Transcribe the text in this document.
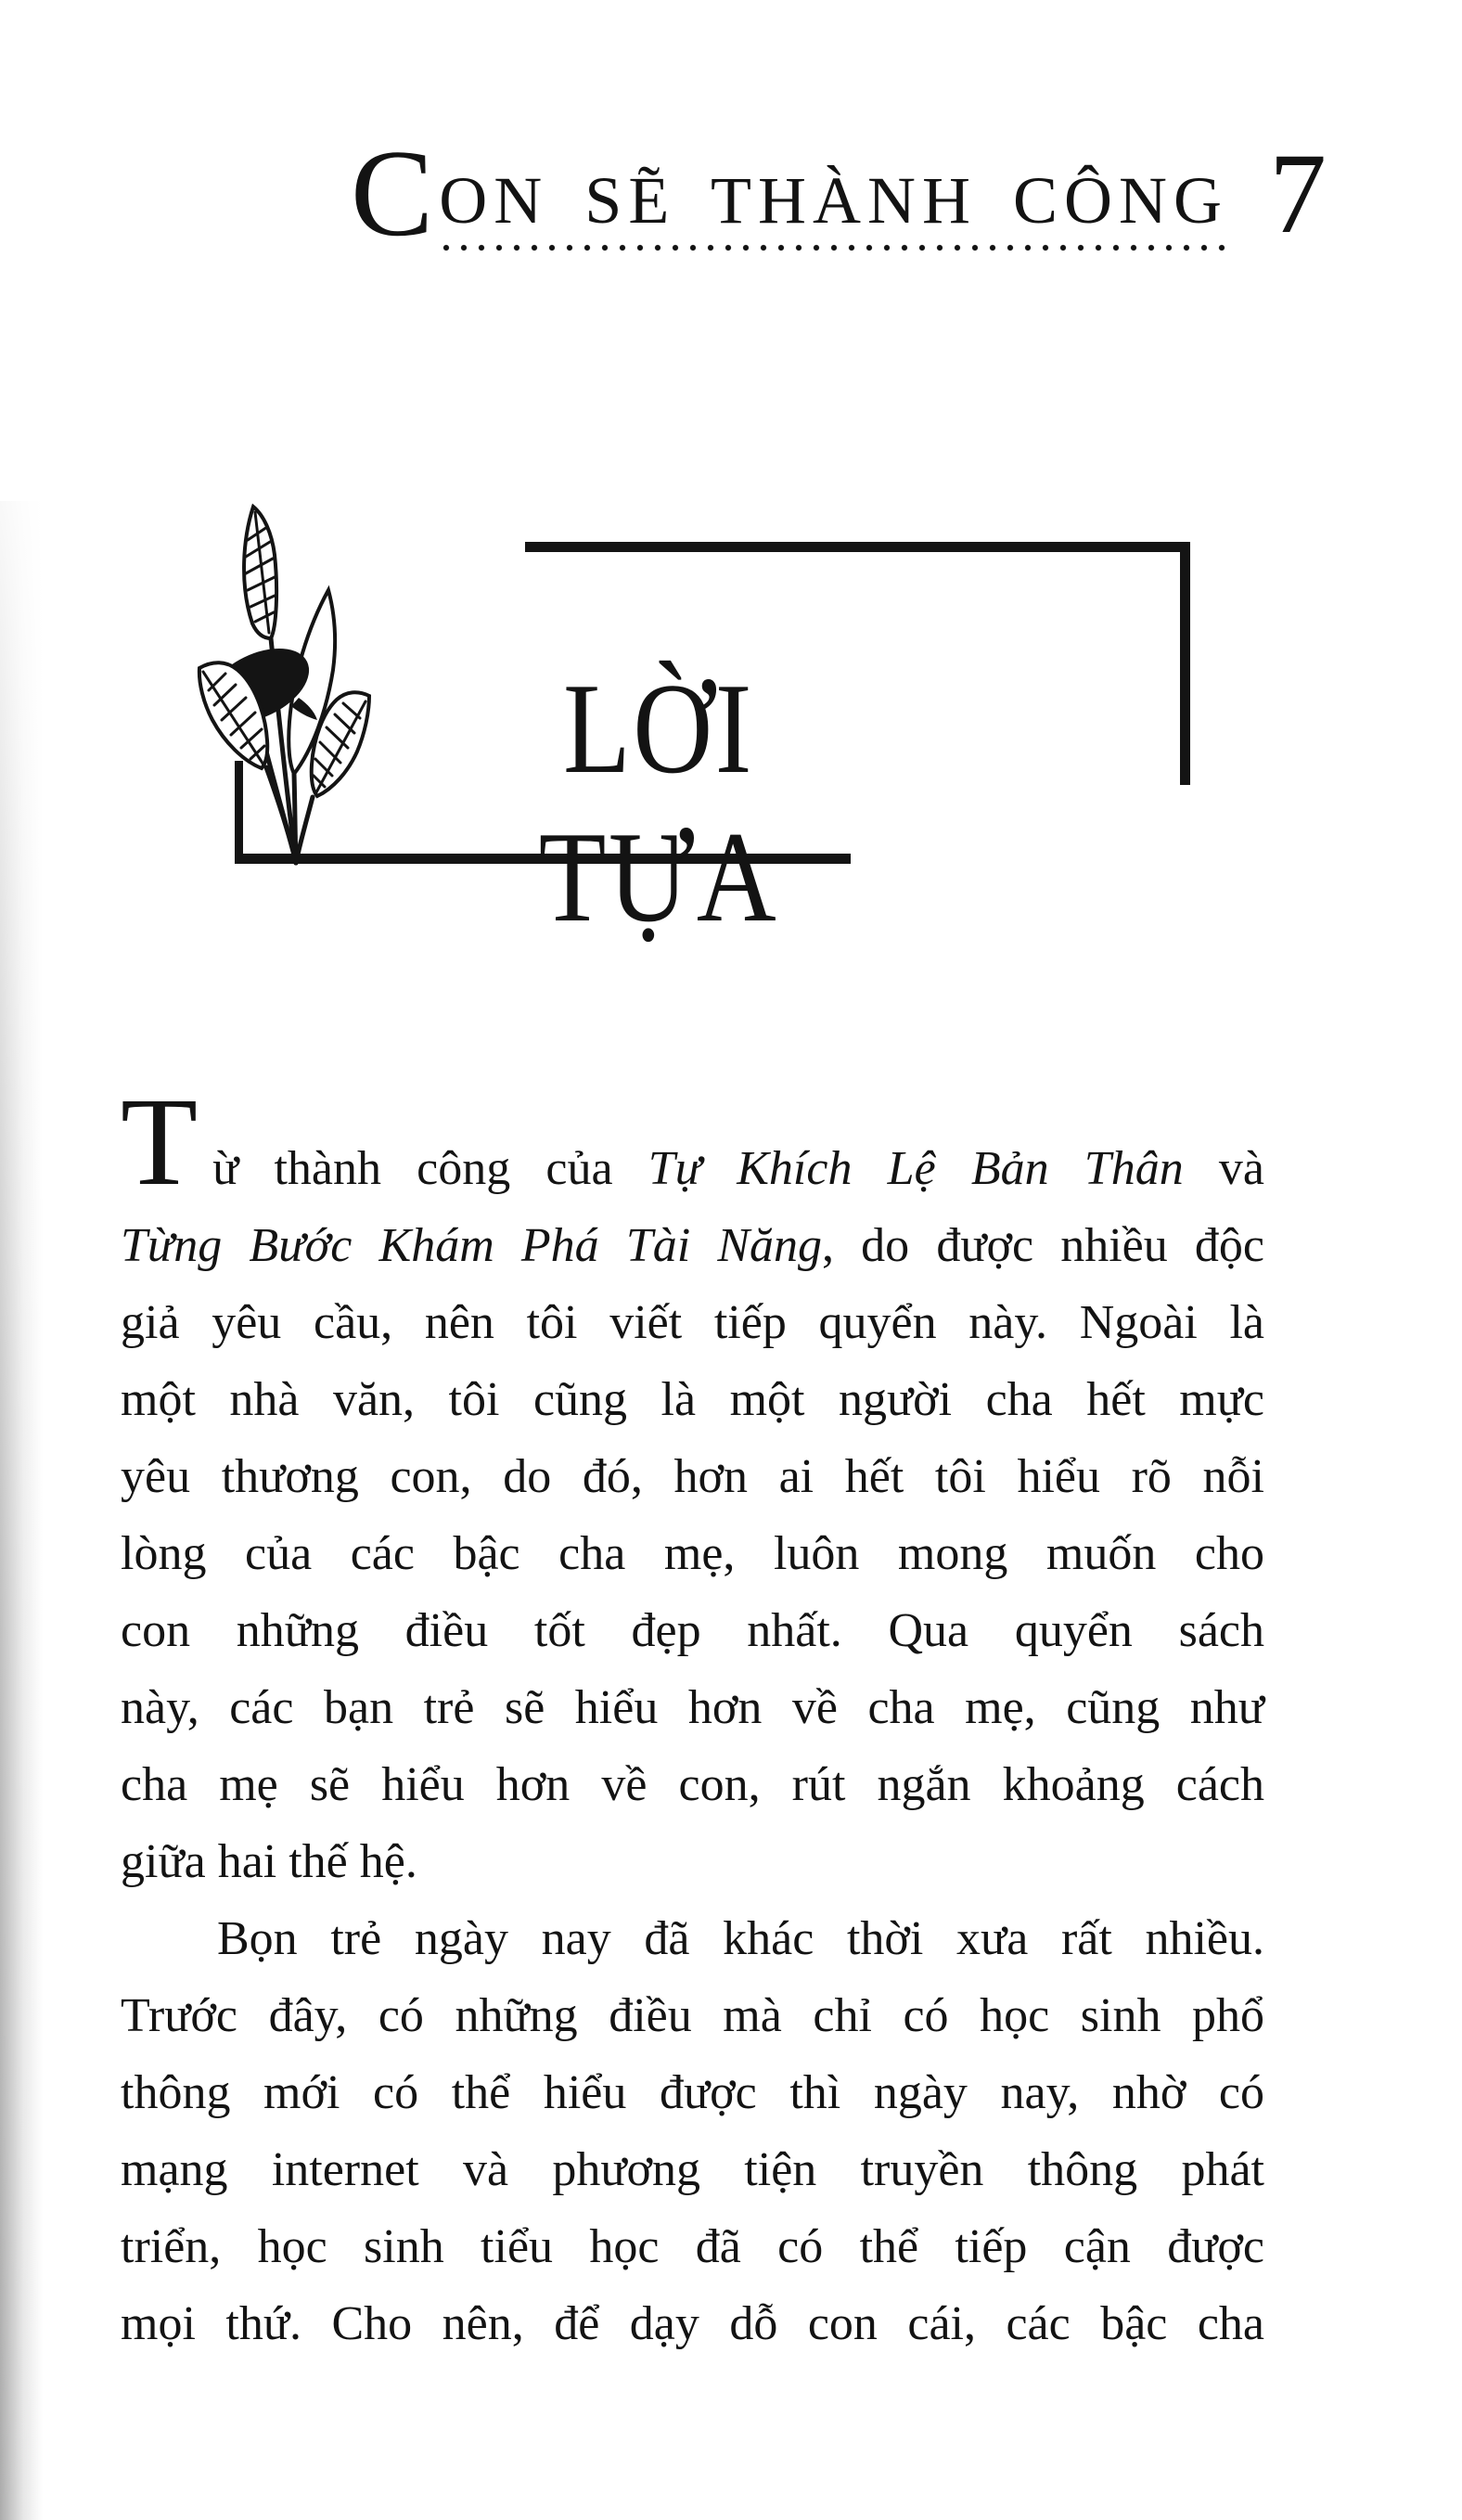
C ON SẼ THÀNH CÔNG 7
LỜI TỰA
Từ thành công của Tự Khích Lệ Bản Thân và
Từng Bước Khám Phá Tài Năng, do được nhiều độc
giả yêu cầu, nên tôi viết tiếp quyển này. Ngoài là
một nhà văn, tôi cũng là một người cha hết mực
yêu thương con, do đó, hơn ai hết tôi hiểu rõ nỗi
lòng của các bậc cha mẹ, luôn mong muốn cho
con những điều tốt đẹp nhất. Qua quyển sách
này, các bạn trẻ sẽ hiểu hơn về cha mẹ, cũng như
cha mẹ sẽ hiểu hơn về con, rút ngắn khoảng cách
giữa hai thế hệ.
Bọn trẻ ngày nay đã khác thời xưa rất nhiều.
Trước đây, có những điều mà chỉ có học sinh phổ
thông mới có thể hiểu được thì ngày nay, nhờ có
mạng internet và phương tiện truyền thông phát
triển, học sinh tiểu học đã có thể tiếp cận được
mọi thứ. Cho nên, để dạy dỗ con cái, các bậc cha
